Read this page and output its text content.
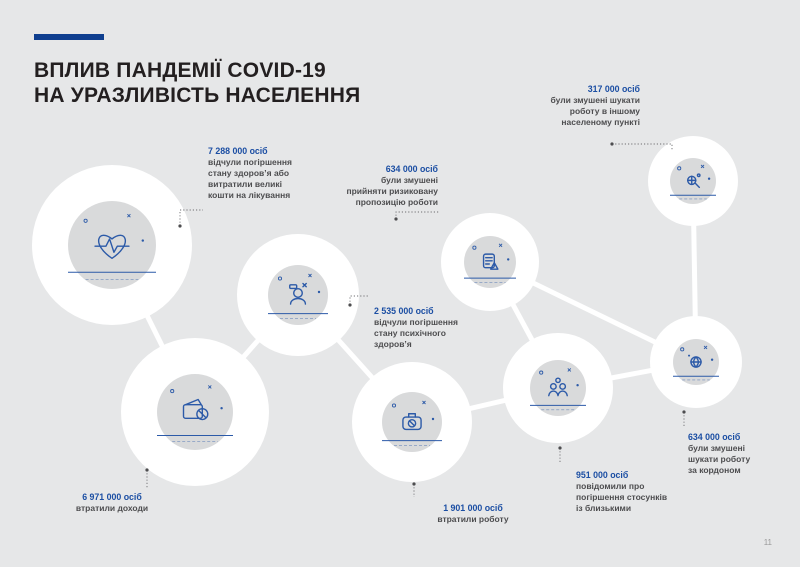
ВПЛИВ ПАНДЕМІЇ COVID-19
НА УРАЗЛИВІСТЬ НАСЕЛЕННЯ
7 288 000 осіб
відчули погіршення
стану здоров’я або
витратили великі
кошти на лікування
6 971 000 осіб
втратили доходи
2 535 000 осіб
відчули погіршення
стану психічного
здоров’я
1 901 000 осіб
втратили роботу
634 000 осіб
були змушені
прийняти ризиковану
пропозицію роботи
951 000 осіб
повідомили про
погіршення стосунків
із близькими
317 000 осіб
були змушені шукати
роботу в іншому
населеному пункті
634 000 осіб
були змушені
шукати роботу
за кордоном
11
